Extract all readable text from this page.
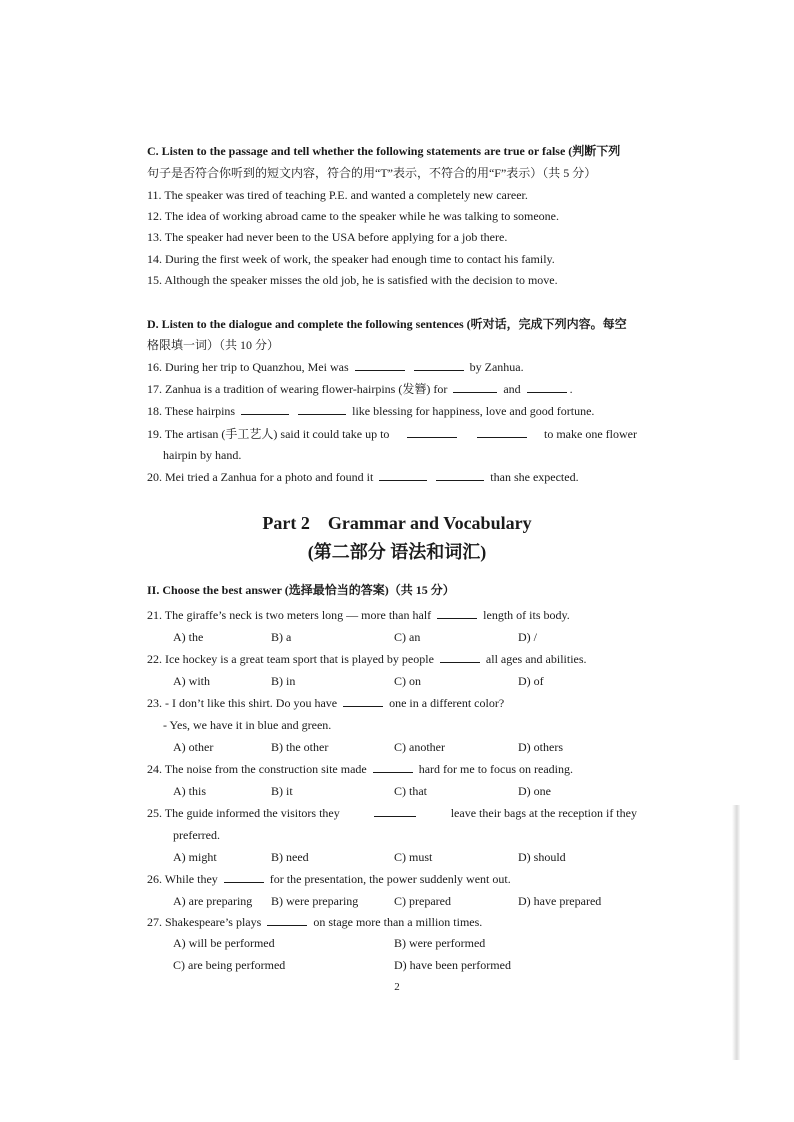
C. Listen to the passage and tell whether the following statements are true or false (判断下列
句子是否符合你听到的短文内容，符合的用“T”表示，不符合的用“F”表示）（共 5 分）
11. The speaker was tired of teaching P.E. and wanted a completely new career.
12. The idea of working abroad came to the speaker while he was talking to someone.
13. The speaker had never been to the USA before applying for a job there.
14. During the first week of work, the speaker had enough time to contact his family.
15. Although the speaker misses the old job, he is satisfied with the decision to move.
D. Listen to the dialogue and complete the following sentences (听对话，完成下列内容。每空
格限填一词）（共 10 分）
16. During her trip to Quanzhou, Mei was	by Zanhua.
17. Zanhua is a tradition of wearing flower-hairpins (发簪) for	and	.
18. These hairpins	like blessing for happiness, love and good fortune.
19. The artisan (手工艺人) said it could take up to	to make one flower
hairpin by hand.
20. Mei tried a Zanhua for a photo and found it	than she expected.
Part 2    Grammar and Vocabulary
(第二部分 语法和词汇)
II. Choose the best answer (选择最恰当的答案)（共 15 分）
21. The giraffe’s neck is two meters long — more than half	length of its body.
A) the	B) a	C) an	D) /
22. Ice hockey is a great team sport that is played by people	all ages and abilities.
A) with	B) in	C) on	D) of
23. - I don’t like this shirt. Do you have	one in a different color?
- Yes, we have it in blue and green.
A) other	B) the other	C) another	D) others
24. The noise from the construction site made	hard for me to focus on reading.
A) this	B) it	C) that	D) one
25. The guide informed the visitors they	leave their bags at the reception if they
preferred.
A) might	B) need	C) must	D) should
26. While they	for the presentation, the power suddenly went out.
A) are preparing B) were preparing	C) prepared	D) have prepared
27. Shakespeare’s plays	on stage more than a million times.
A) will be performed	B) were performed
C) are being performed	D) have been performed
2
